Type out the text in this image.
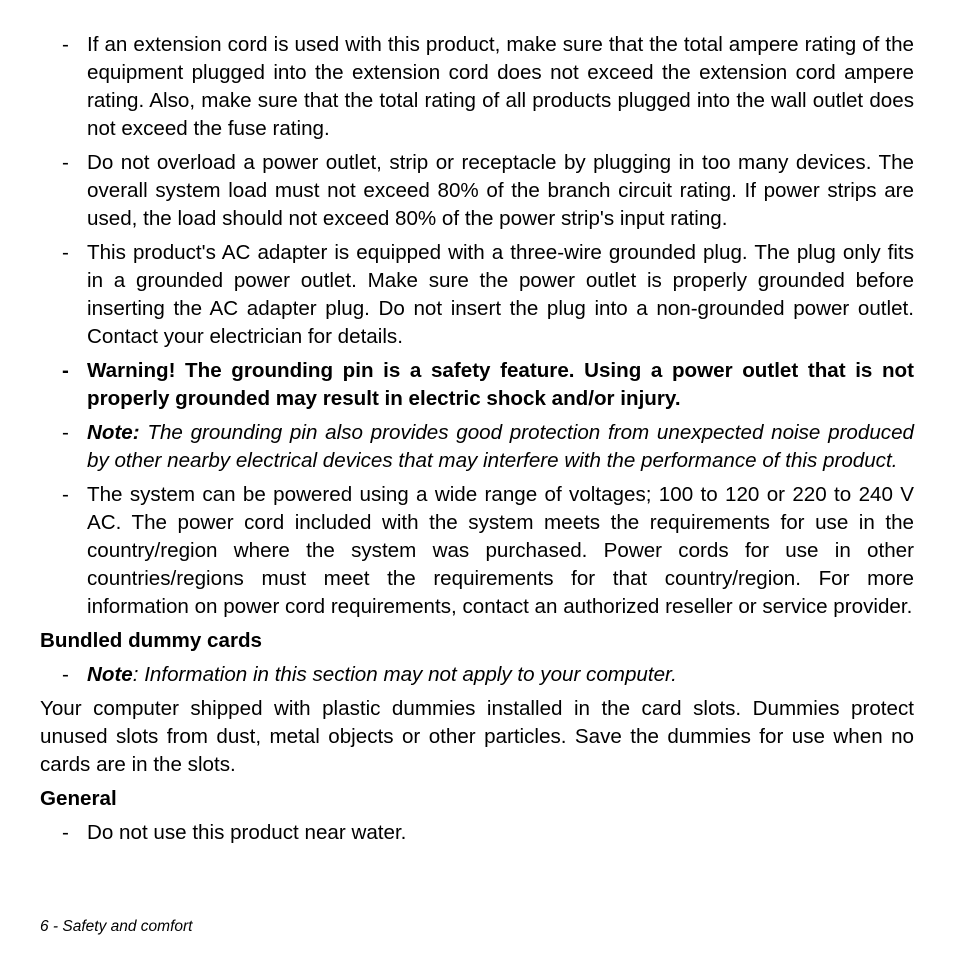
- If an extension cord is used with this product, make sure that the total ampere rating of the equipment plugged into the extension cord does not exceed the extension cord ampere rating. Also, make sure that the total rating of all products plugged into the wall outlet does not exceed the fuse rating.
- Do not overload a power outlet, strip or receptacle by plugging in too many devices. The overall system load must not exceed 80% of the branch circuit rating. If power strips are used, the load should not exceed 80% of the power strip's input rating.
- This product's AC adapter is equipped with a three-wire grounded plug. The plug only fits in a grounded power outlet. Make sure the power outlet is properly grounded before inserting the AC adapter plug. Do not insert the plug into a non-grounded power outlet. Contact your electrician for details.
- Warning! The grounding pin is a safety feature. Using a power outlet that is not properly grounded may result in electric shock and/or injury.
- Note: The grounding pin also provides good protection from unexpected noise produced by other nearby electrical devices that may interfere with the performance of this product.
- The system can be powered using a wide range of voltages; 100 to 120 or 220 to 240 V AC. The power cord included with the system meets the requirements for use in the country/region where the system was purchased. Power cords for use in other countries/regions must meet the requirements for that country/region. For more information on power cord requirements, contact an authorized reseller or service provider.
Bundled dummy cards
- Note: Information in this section may not apply to your computer.
Your computer shipped with plastic dummies installed in the card slots. Dummies protect unused slots from dust, metal objects or other particles. Save the dummies for use when no cards are in the slots.
General
- Do not use this product near water.
6 - Safety and comfort
